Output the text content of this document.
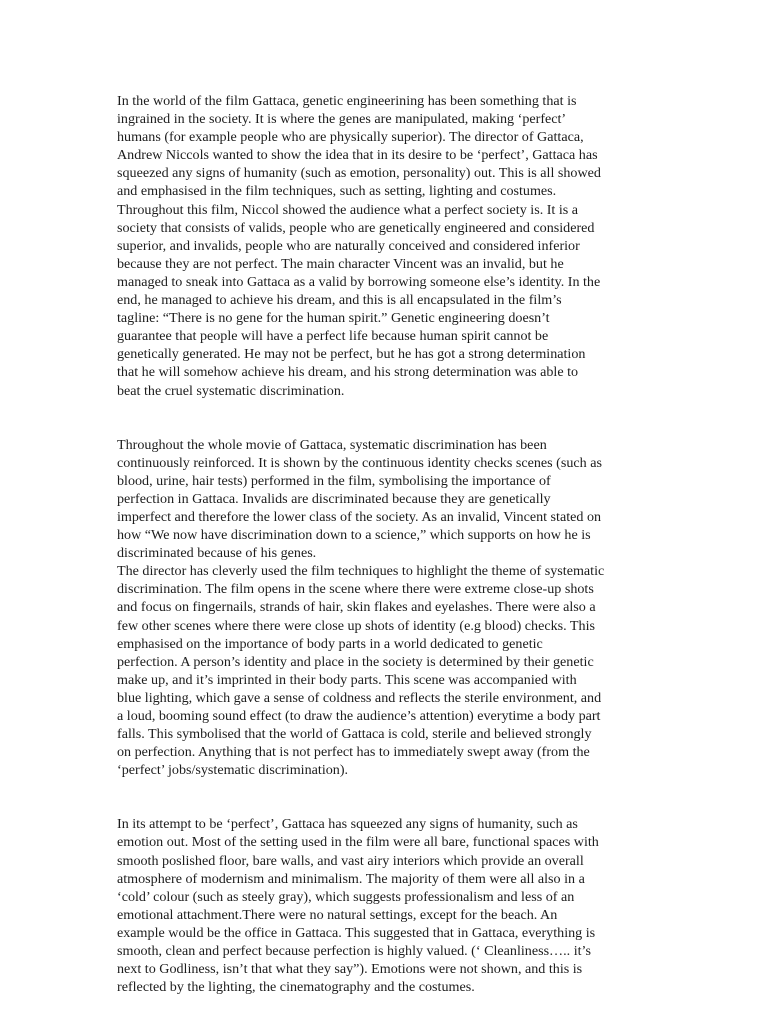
In the world of the film Gattaca, genetic engineerining has been something that is
ingrained in the society. It is where the genes are manipulated, making ‘perfect’
humans (for example people who are physically superior). The director of Gattaca,
Andrew Niccols wanted to show the idea that in its desire to be ‘perfect’, Gattaca has
squeezed any signs of humanity (such as emotion, personality) out. This is all showed
and emphasised in the film techniques, such as setting, lighting and costumes.
Throughout this film, Niccol showed the audience what a perfect society is. It is a
society that consists of valids, people who are genetically engineered and considered
superior, and invalids, people who are naturally conceived and considered inferior
because they are not perfect. The main character Vincent was an invalid, but he
managed to sneak into Gattaca as a valid by borrowing someone else’s identity. In the
end, he managed to achieve his dream, and this is all encapsulated in the film’s
tagline: “There is no gene for the human spirit.” Genetic engineering doesn’t
guarantee that people will have a perfect life because human spirit cannot be
genetically generated. He may not be perfect, but he has got a strong determination
that he will somehow achieve his dream, and his strong determination was able to
beat the cruel systematic discrimination.
Throughout the whole movie of Gattaca, systematic discrimination has been
continuously reinforced. It is shown by the continuous identity checks scenes (such as
blood, urine, hair tests) performed in the film, symbolising the importance of
perfection in Gattaca. Invalids are discriminated because they are genetically
imperfect and therefore the lower class of the society. As an invalid, Vincent stated on
how “We now have discrimination down to a science,” which supports on how he is
discriminated because of his genes.
The director has cleverly used the film techniques to highlight the theme of systematic
discrimination. The film opens in the scene where there were extreme close-up shots
and focus on fingernails, strands of hair, skin flakes and eyelashes. There were also a
few other scenes where there were close up shots of identity (e.g blood) checks. This
emphasised on the importance of body parts in a world dedicated to genetic
perfection. A person’s identity and place in the society is determined by their genetic
make up, and it’s imprinted in their body parts. This scene was accompanied with
blue lighting, which gave a sense of coldness and reflects the sterile environment, and
a loud, booming sound effect (to draw the audience’s attention) everytime a body part
falls. This symbolised that the world of Gattaca is cold, sterile and believed strongly
on perfection. Anything that is not perfect has to immediately swept away (from the
‘perfect’ jobs/systematic discrimination).
In its attempt to be ‘perfect’, Gattaca has squeezed any signs of humanity, such as
emotion out. Most of the setting used in the film were all bare, functional spaces with
smooth poslished floor, bare walls, and vast airy interiors which provide an overall
atmosphere of modernism and minimalism. The majority of them were all also in a
‘cold’ colour (such as steely gray), which suggests professionalism and less of an
emotional attachment.There were no natural settings, except for the beach. An
example would be the office in Gattaca. This suggested that in Gattaca, everything is
smooth, clean and perfect because perfection is highly valued. (‘ Cleanliness….. it’s
next to Godliness, isn’t that what they say”). Emotions were not shown, and this is
reflected by the lighting, the cinematography and the costumes.
